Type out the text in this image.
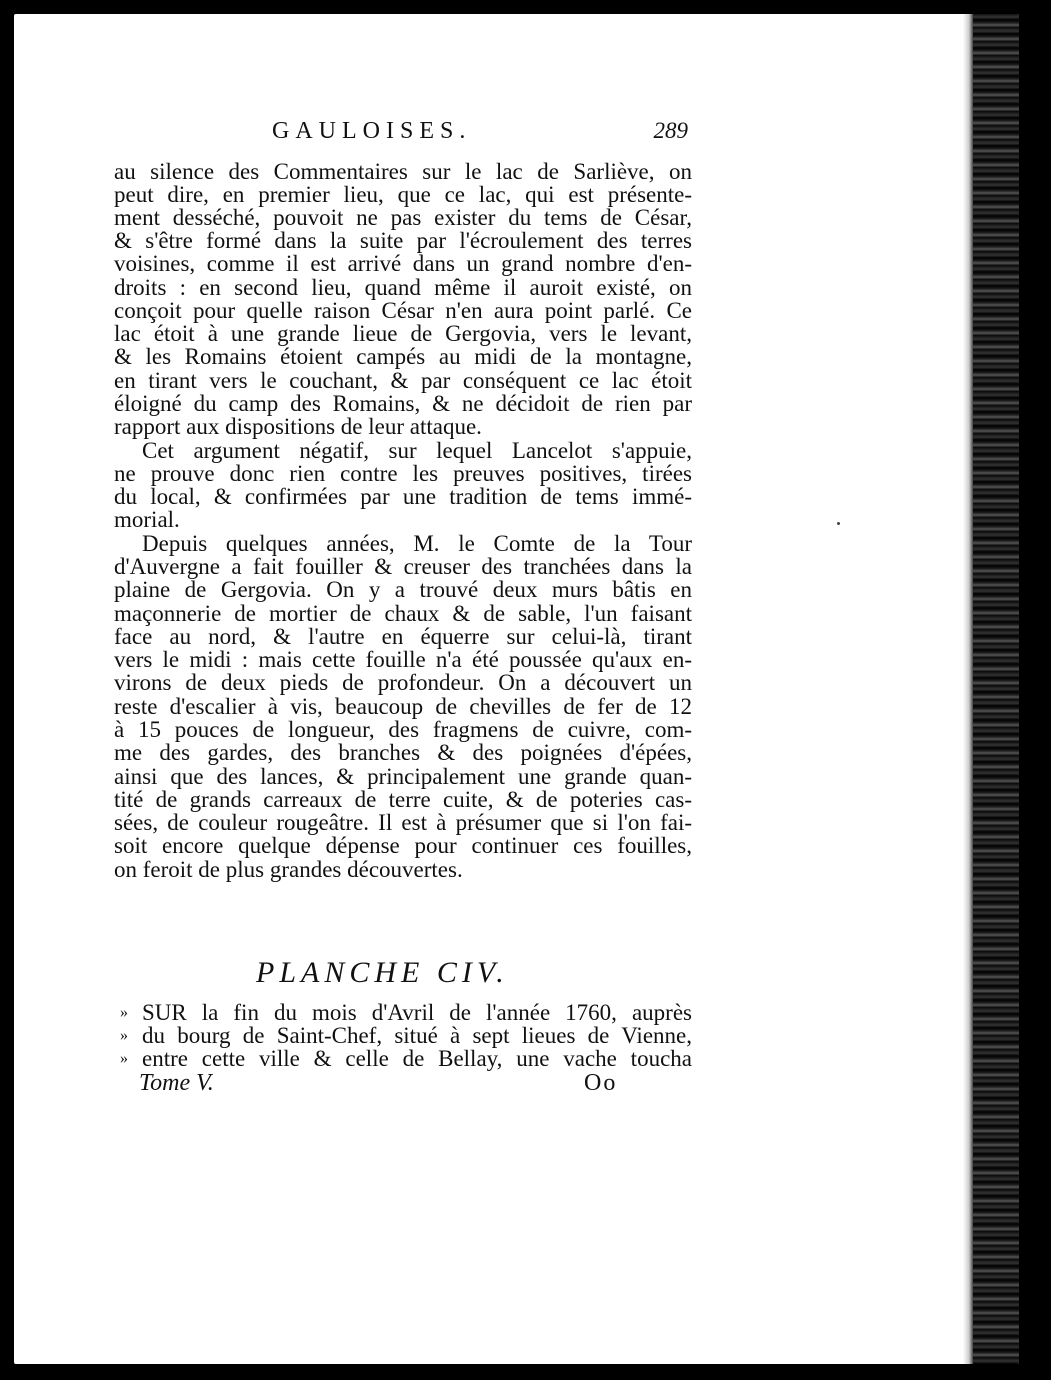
GAULOISES.	289
au silence des Commentaires sur le lac de Sarliève, on
peut dire, en premier lieu, que ce lac, qui est présente-
ment desséché, pouvoit ne pas exister du tems de César,
& s'être formé dans la suite par l'écroulement des terres
voisines, comme il est arrivé dans un grand nombre d'en-
droits : en second lieu, quand même il auroit existé, on
conçoit pour quelle raison César n'en aura point parlé. Ce
lac étoit à une grande lieue de Gergovia, vers le levant,
& les Romains étoient campés au midi de la montagne,
en tirant vers le couchant, & par conséquent ce lac étoit
éloigné du camp des Romains, & ne décidoit de rien par
rapport aux dispositions de leur attaque.
Cet argument négatif, sur lequel Lancelot s'appuie,
ne prouve donc rien contre les preuves positives, tirées
du local, & confirmées par une tradition de tems immé-
morial.
Depuis quelques années, M. le Comte de la Tour
d'Auvergne a fait fouiller & creuser des tranchées dans la
plaine de Gergovia. On y a trouvé deux murs bâtis en
maçonnerie de mortier de chaux & de sable, l'un faisant
face au nord, & l'autre en équerre sur celui-là, tirant
vers le midi : mais cette fouille n'a été poussée qu'aux en-
virons de deux pieds de profondeur. On a découvert un
reste d'escalier à vis, beaucoup de chevilles de fer de 12
à 15 pouces de longueur, des fragmens de cuivre, com-
me des gardes, des branches & des poignées d'épées,
ainsi que des lances, & principalement une grande quan-
tité de grands carreaux de terre cuite, & de poteries cas-
sées, de couleur rougeâtre. Il est à présumer que si l'on fai-
soit encore quelque dépense pour continuer ces fouilles,
on feroit de plus grandes découvertes.
PLANCHE CIV.
» SUR la fin du mois d'Avril de l'année 1760, auprès
» du bourg de Saint-Chef, situé à sept lieues de Vienne,
» entre cette ville & celle de Bellay, une vache toucha
Tome V.	Oo
